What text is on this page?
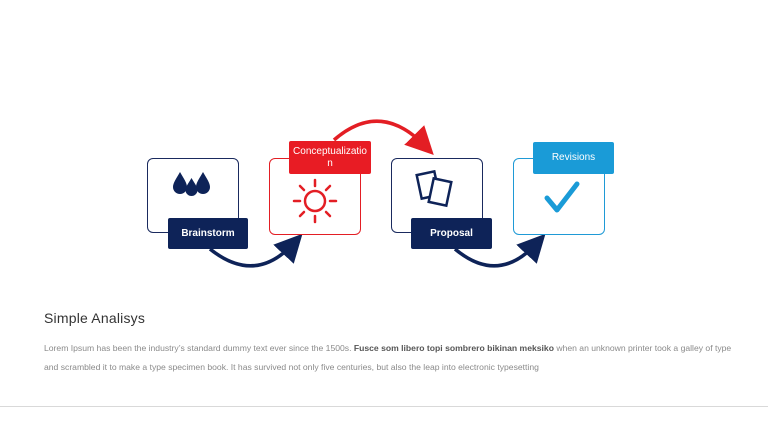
Brainstorm
Conceptualization
Proposal
Revisions
Simple Analisys
Lorem Ipsum has been the industry’s standard dummy text ever since the 1500s. Fusce som libero topi sombrero bikinan meksiko when an unknown printer took a galley of type and scrambled it to make a type specimen book. It has survived not only five centuries, but also the leap into electronic typesetting
